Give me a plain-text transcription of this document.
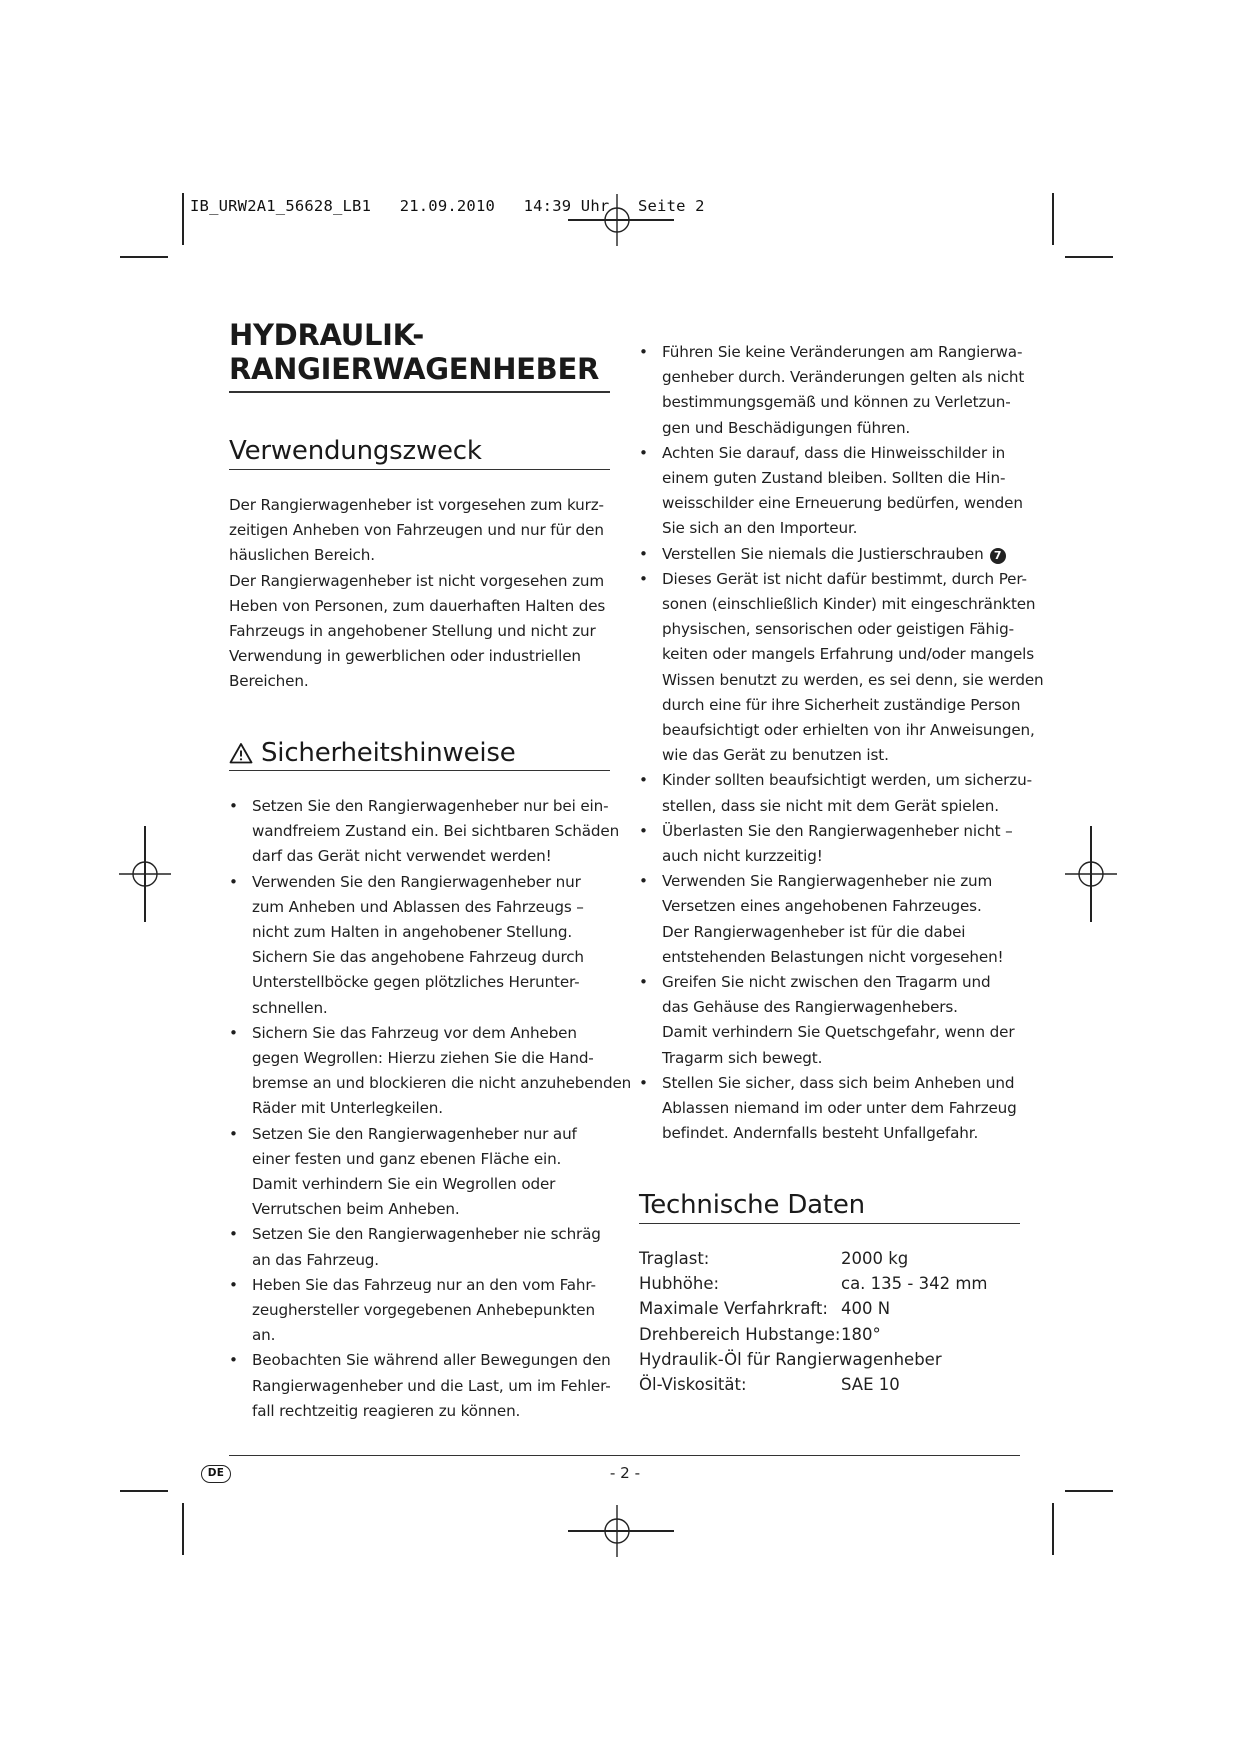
IB_URW2A1_56628_LB1   21.09.2010   14:39 Uhr   Seite 2
HYDRAULIK-
RANGIERWAGENHEBER
Verwendungszweck
Der Rangierwagenheber ist vorgesehen zum kurz-
zeitigen Anheben von Fahrzeugen und nur für den
häuslichen Bereich.
Der Rangierwagenheber ist nicht vorgesehen zum
Heben von Personen, zum dauerhaften Halten des
Fahrzeugs in angehobener Stellung und nicht zur
Verwendung in gewerblichen oder industriellen
Bereichen.
Sicherheitshinweise
• Setzen Sie den Rangierwagenheber nur bei ein-
wandfreiem Zustand ein. Bei sichtbaren Schäden
darf das Gerät nicht verwendet werden!
• Verwenden Sie den Rangierwagenheber nur
zum Anheben und Ablassen des Fahrzeugs –
nicht zum Halten in angehobener Stellung.
Sichern Sie das angehobene Fahrzeug durch
Unterstellböcke gegen plötzliches Herunter-
schnellen.
• Sichern Sie das Fahrzeug vor dem Anheben
gegen Wegrollen: Hierzu ziehen Sie die Hand-
bremse an und blockieren die nicht anzuhebenden
Räder mit Unterlegkeilen.
• Setzen Sie den Rangierwagenheber nur auf
einer festen und ganz ebenen Fläche ein.
Damit verhindern Sie ein Wegrollen oder
Verrutschen beim Anheben.
• Setzen Sie den Rangierwagenheber nie schräg
an das Fahrzeug.
• Heben Sie das Fahrzeug nur an den vom Fahr-
zeughersteller vorgegebenen Anhebepunkten
an.
• Beobachten Sie während aller Bewegungen den
Rangierwagenheber und die Last, um im Fehler-
fall rechtzeitig reagieren zu können.
• Führen Sie keine Veränderungen am Rangierwa-
genheber durch. Veränderungen gelten als nicht
bestimmungsgemäß und können zu Verletzun-
gen und Beschädigungen führen.
• Achten Sie darauf, dass die Hinweisschilder in
einem guten Zustand bleiben. Sollten die Hin-
weisschilder eine Erneuerung bedürfen, wenden
Sie sich an den Importeur.
• Verstellen Sie niemals die Justierschrauben 7
• Dieses Gerät ist nicht dafür bestimmt, durch Per-
sonen (einschließlich Kinder) mit eingeschränkten
physischen, sensorischen oder geistigen Fähig-
keiten oder mangels Erfahrung und/oder mangels
Wissen benutzt zu werden, es sei denn, sie werden
durch eine für ihre Sicherheit zuständige Person
beaufsichtigt oder erhielten von ihr Anweisungen,
wie das Gerät zu benutzen ist.
• Kinder sollten beaufsichtigt werden, um sicherzu-
stellen, dass sie nicht mit dem Gerät spielen.
• Überlasten Sie den Rangierwagenheber nicht –
auch nicht kurzzeitig!
• Verwenden Sie Rangierwagenheber nie zum
Versetzen eines angehobenen Fahrzeuges.
Der Rangierwagenheber ist für die dabei
entstehenden Belastungen nicht vorgesehen!
• Greifen Sie nicht zwischen den Tragarm und
das Gehäuse des Rangierwagenhebers.
Damit verhindern Sie Quetschgefahr, wenn der
Tragarm sich bewegt.
• Stellen Sie sicher, dass sich beim Anheben und
Ablassen niemand im oder unter dem Fahrzeug
befindet. Andernfalls besteht Unfallgefahr.
Technische Daten
Traglast:	2000 kg
Hubhöhe:	ca. 135 - 342 mm
Maximale Verfahrkraft:	400 N
Drehbereich Hubstange:	180°
Hydraulik-Öl für Rangierwagenheber	
Öl-Viskosität:	SAE 10
DE	- 2 -
